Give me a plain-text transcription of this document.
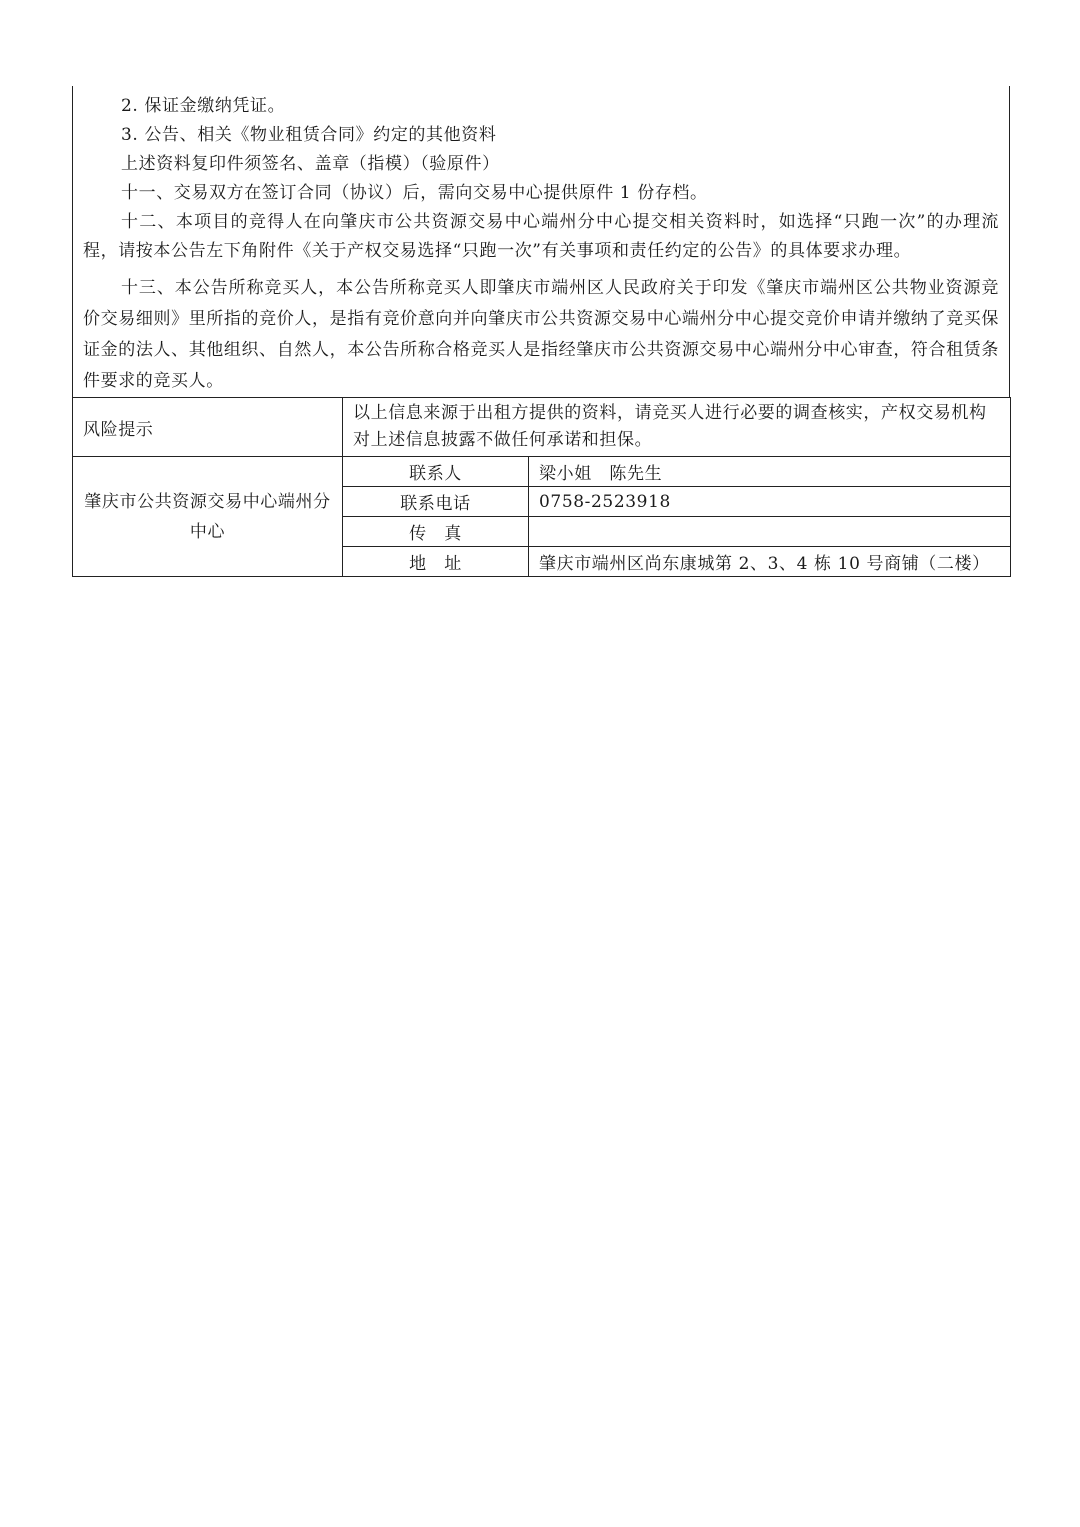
2. 保证金缴纳凭证。

3. 公告、相关《物业租赁合同》约定的其他资料

上述资料复印件须签名、盖章（指模）（验原件）

十一、交易双方在签订合同（协议）后，需向交易中心提供原件 1 份存档。

十二、本项目的竞得人在向肇庆市公共资源交易中心端州分中心提交相关资料时，如选择“只跑一次”的办理流程，请按本公告左下角附件《关于产权交易选择“只跑一次”有关事项和责任约定的公告》的具体要求办理。

十三、本公告所称竞买人，本公告所称竞买人即肇庆市端州区人民政府关于印发《肇庆市端州区公共物业资源竞价交易细则》里所指的竞价人，是指有竞价意向并向肇庆市公共资源交易中心端州分中心提交竞价申请并缴纳了竞买保证金的法人、其他组织、自然人，本公告所称合格竞买人是指经肇庆市公共资源交易中心端州分中心审查，符合租赁条件要求的竞买人。

风险提示	以上信息来源于出租方提供的资料，请竞买人进行必要的调查核实，产权交易机构对上述信息披露不做任何承诺和担保。	
肇庆市公共资源交易中心端州分中心	联系人	梁小姐　陈先生
	联系电话	0758-2523918
	传　真	
	地　址	肇庆市端州区尚东康城第 2、3、4 栋 10 号商铺（二楼）
